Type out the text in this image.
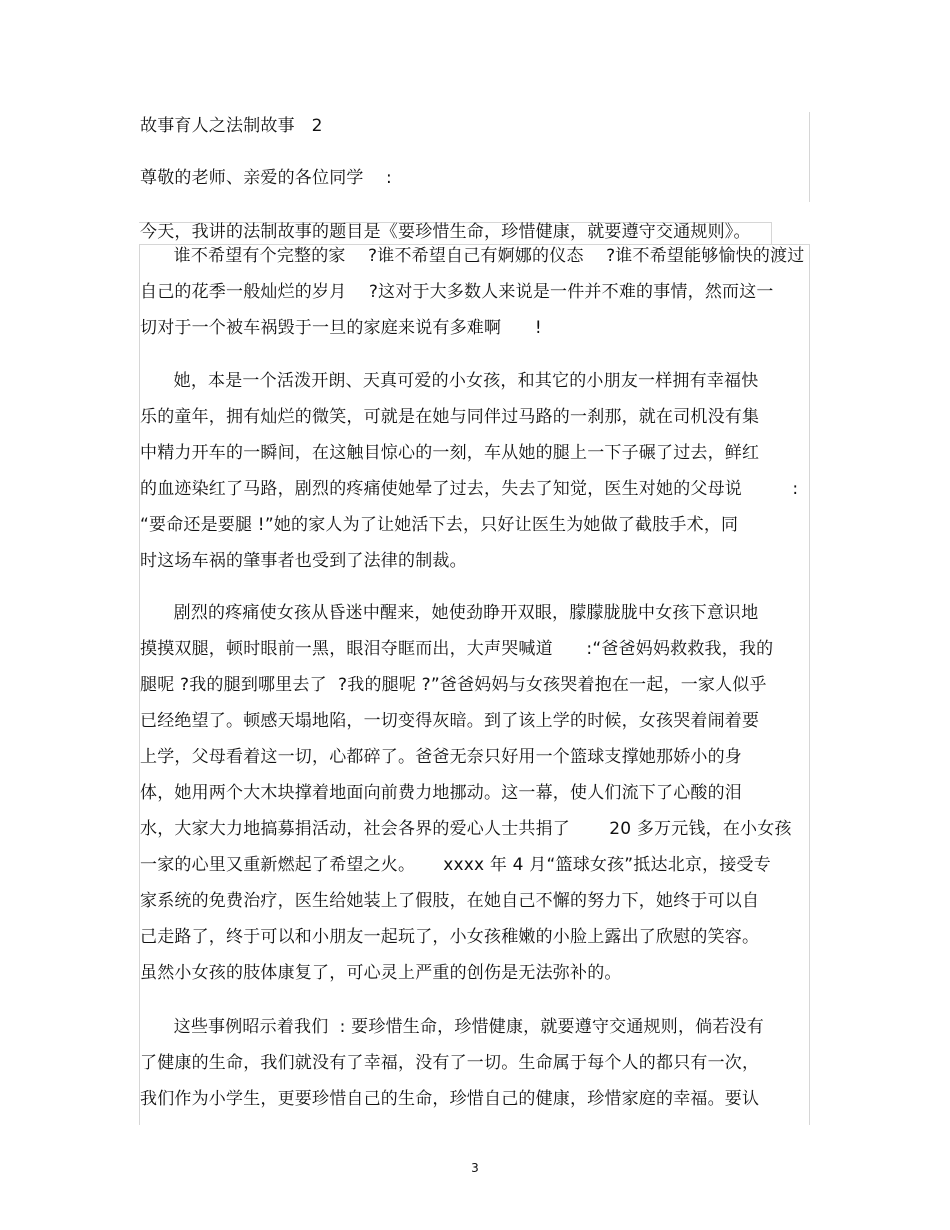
故事育人之法制故事   2

尊敬的老师、亲爱的各位同学    :

今天，我讲的法制故事的题目是《要珍惜生命，珍惜健康，就要遵守交通规则》。

谁不希望有个完整的家    ?谁不希望自己有婀娜的仪态    ?谁不希望能够愉快的渡过

自己的花季一般灿烂的岁月    ?这对于大多数人来说是一件并不难的事情，然而这一

切对于一个被车祸毁于一旦的家庭来说有多难啊      !

她，本是一个活泼开朗、天真可爱的小女孩，和其它的小朋友一样拥有幸福快

乐的童年，拥有灿烂的微笑，可就是在她与同伴过马路的一刹那，就在司机没有集

中精力开车的一瞬间，在这触目惊心的一刻，车从她的腿上一下子碾了过去，鲜红

的血迹染红了马路，剧烈的疼痛使她晕了过去，失去了知觉，医生对她的父母说         :

“要命还是要腿 !”她的家人为了让她活下去，只好让医生为她做了截肢手术，同

时这场车祸的肇事者也受到了法律的制裁。

剧烈的疼痛使女孩从昏迷中醒来，她使劲睁开双眼，朦朦胧胧中女孩下意识地

摸摸双腿，顿时眼前一黑，眼泪夺眶而出，大声哭喊道      :“爸爸妈妈救救我，我的

腿呢 ?我的腿到哪里去了  ?我的腿呢 ?”爸爸妈妈与女孩哭着抱在一起，一家人似乎

已经绝望了。顿感天塌地陷，一切变得灰暗。到了该上学的时候，女孩哭着闹着要

上学，父母看着这一切，心都碎了。爸爸无奈只好用一个篮球支撑她那娇小的身

体，她用两个大木块撑着地面向前费力地挪动。这一幕，使人们流下了心酸的泪

水，大家大力地搞募捐活动，社会各界的爱心人士共捐了       20 多万元钱，在小女孩

一家的心里又重新燃起了希望之火。     xxxx 年 4 月“篮球女孩”抵达北京，接受专

家系统的免费治疗，医生给她装上了假肢，在她自己不懈的努力下，她终于可以自

己走路了，终于可以和小朋友一起玩了，小女孩稚嫩的小脸上露出了欣慰的笑容。

虽然小女孩的肢体康复了，可心灵上严重的创伤是无法弥补的。

这些事例昭示着我们  : 要珍惜生命，珍惜健康，就要遵守交通规则，倘若没有

了健康的生命，我们就没有了幸福，没有了一切。生命属于每个人的都只有一次，

我们作为小学生，更要珍惜自己的生命，珍惜自己的健康，珍惜家庭的幸福。要认

3
